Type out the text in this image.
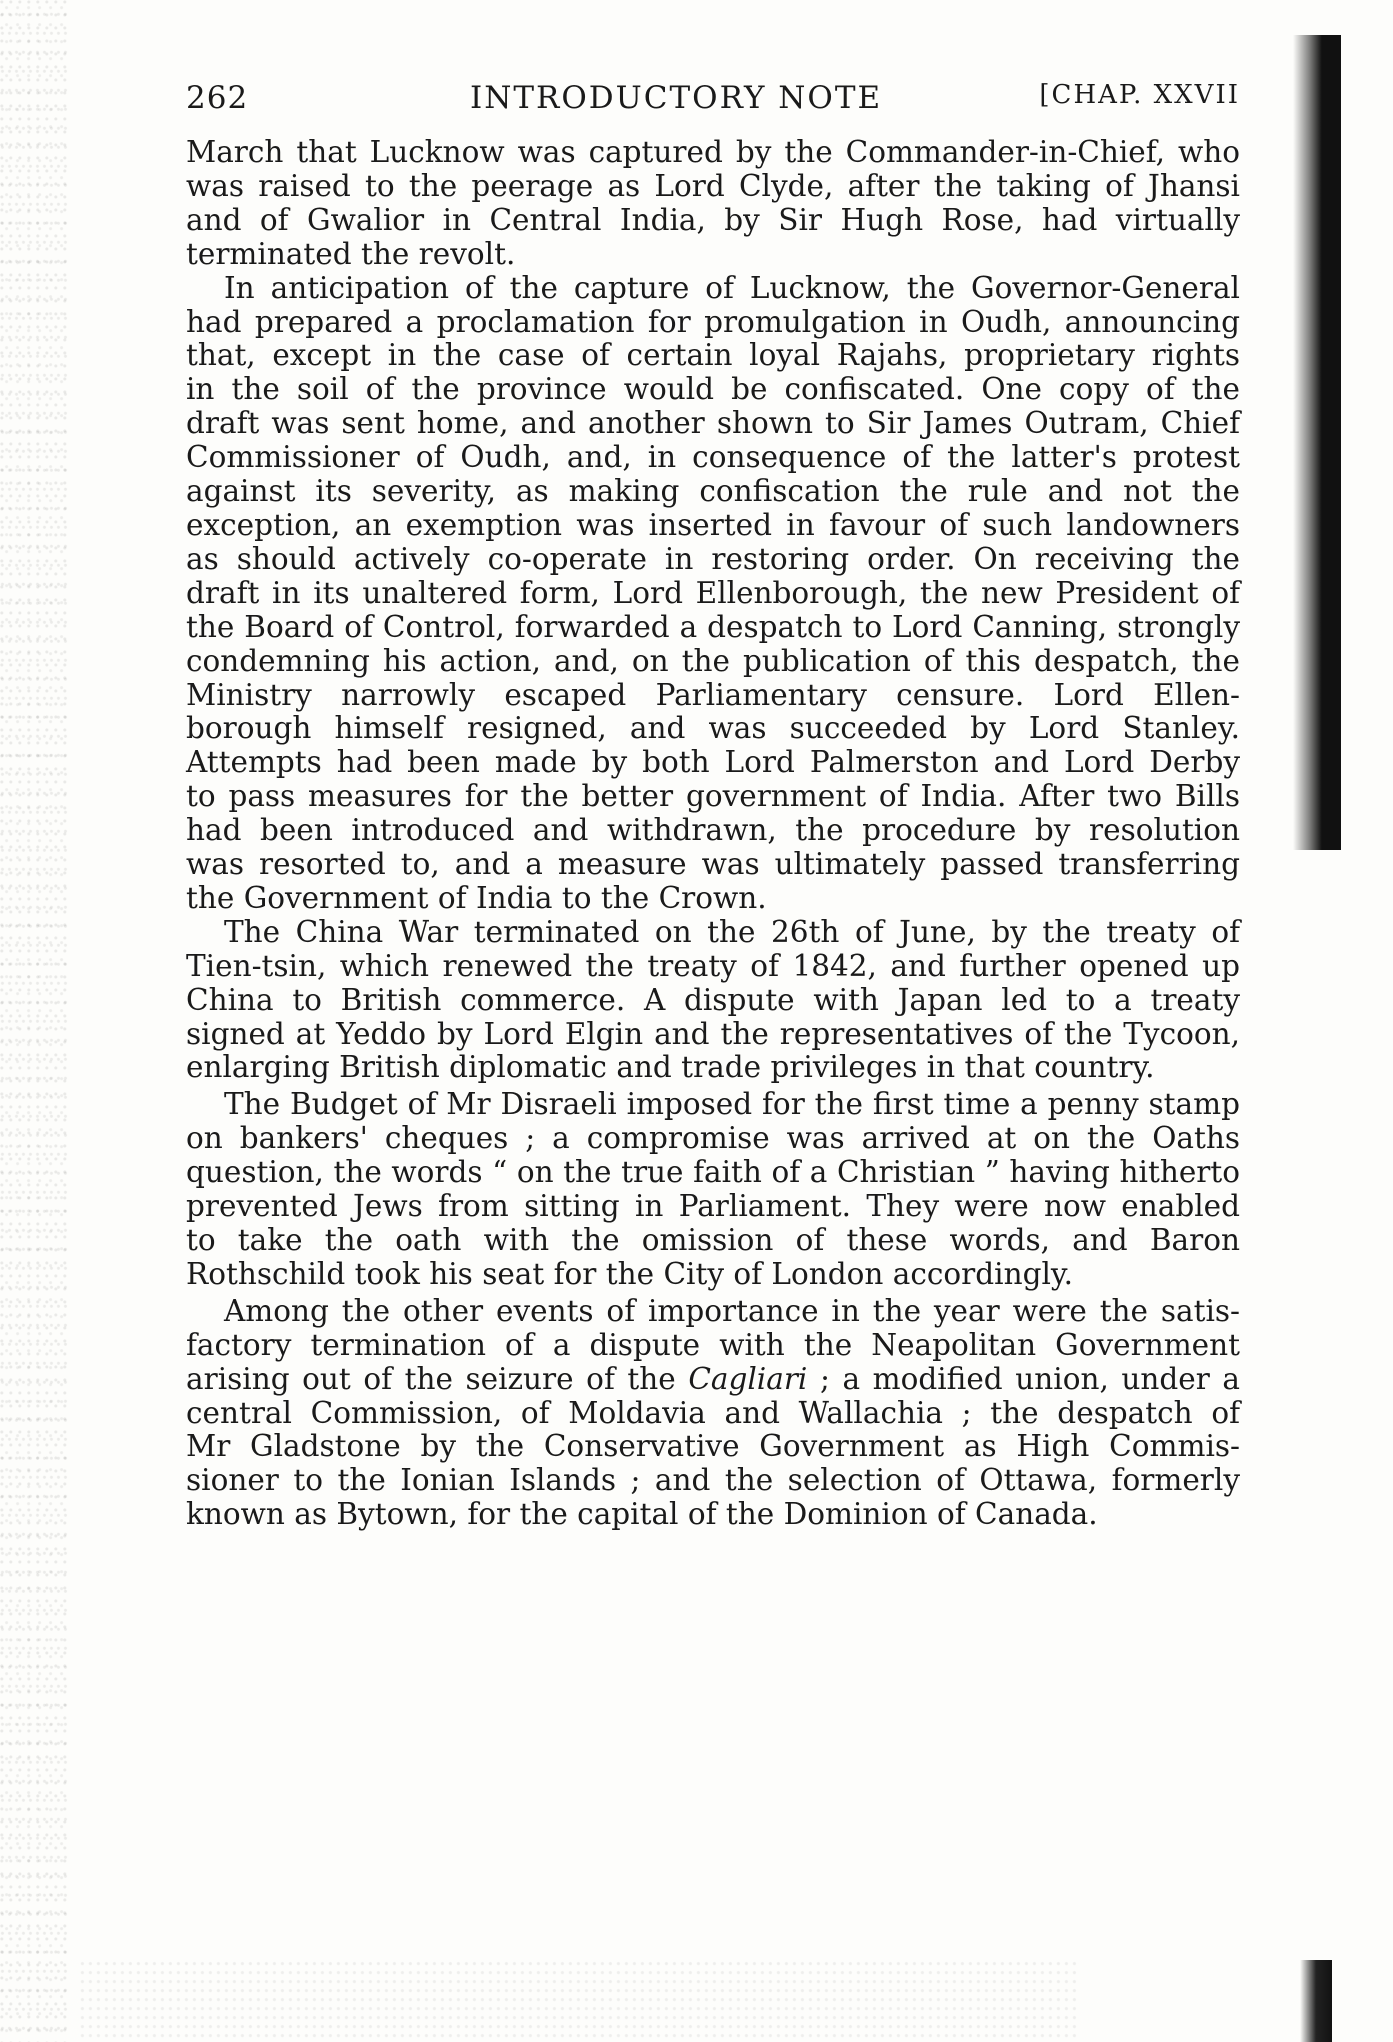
262	INTRODUCTORY NOTE	[CHAP. XXVII

March that Lucknow was captured by the Commander-in-Chief, who

was raised to the peerage as Lord Clyde, after the taking of Jhansi

and of Gwalior in Central India, by Sir Hugh Rose, had virtually

terminated the revolt.

In anticipation of the capture of Lucknow, the Governor-General

had prepared a proclamation for promulgation in Oudh, announcing

that, except in the case of certain loyal Rajahs, proprietary rights

in the soil of the province would be confiscated. One copy of the

draft was sent home, and another shown to Sir James Outram, Chief

Commissioner of Oudh, and, in consequence of the latter's protest

against its severity, as making confiscation the rule and not the

exception, an exemption was inserted in favour of such landowners

as should actively co-operate in restoring order. On receiving the

draft in its unaltered form, Lord Ellenborough, the new President of

the Board of Control, forwarded a despatch to Lord Canning, strongly

condemning his action, and, on the publication of this despatch, the

Ministry narrowly escaped Parliamentary censure. Lord Ellen-

borough himself resigned, and was succeeded by Lord Stanley.

Attempts had been made by both Lord Palmerston and Lord Derby

to pass measures for the better government of India. After two Bills

had been introduced and withdrawn, the procedure by resolution

was resorted to, and a measure was ultimately passed transferring

the Government of India to the Crown.

The China War terminated on the 26th of June, by the treaty of

Tien-tsin, which renewed the treaty of 1842, and further opened up

China to British commerce. A dispute with Japan led to a treaty

signed at Yeddo by Lord Elgin and the representatives of the Tycoon,

enlarging British diplomatic and trade privileges in that country.

The Budget of Mr Disraeli imposed for the first time a penny stamp

on bankers' cheques ; a compromise was arrived at on the Oaths

question, the words “ on the true faith of a Christian ” having hitherto

prevented Jews from sitting in Parliament. They were now enabled

to take the oath with the omission of these words, and Baron

Rothschild took his seat for the City of London accordingly.

Among the other events of importance in the year were the satis-

factory termination of a dispute with the Neapolitan Government

arising out of the seizure of the Cagliari ; a modified union, under a

central Commission, of Moldavia and Wallachia ; the despatch of

Mr Gladstone by the Conservative Government as High Commis-

sioner to the Ionian Islands ; and the selection of Ottawa, formerly

known as Bytown, for the capital of the Dominion of Canada.
